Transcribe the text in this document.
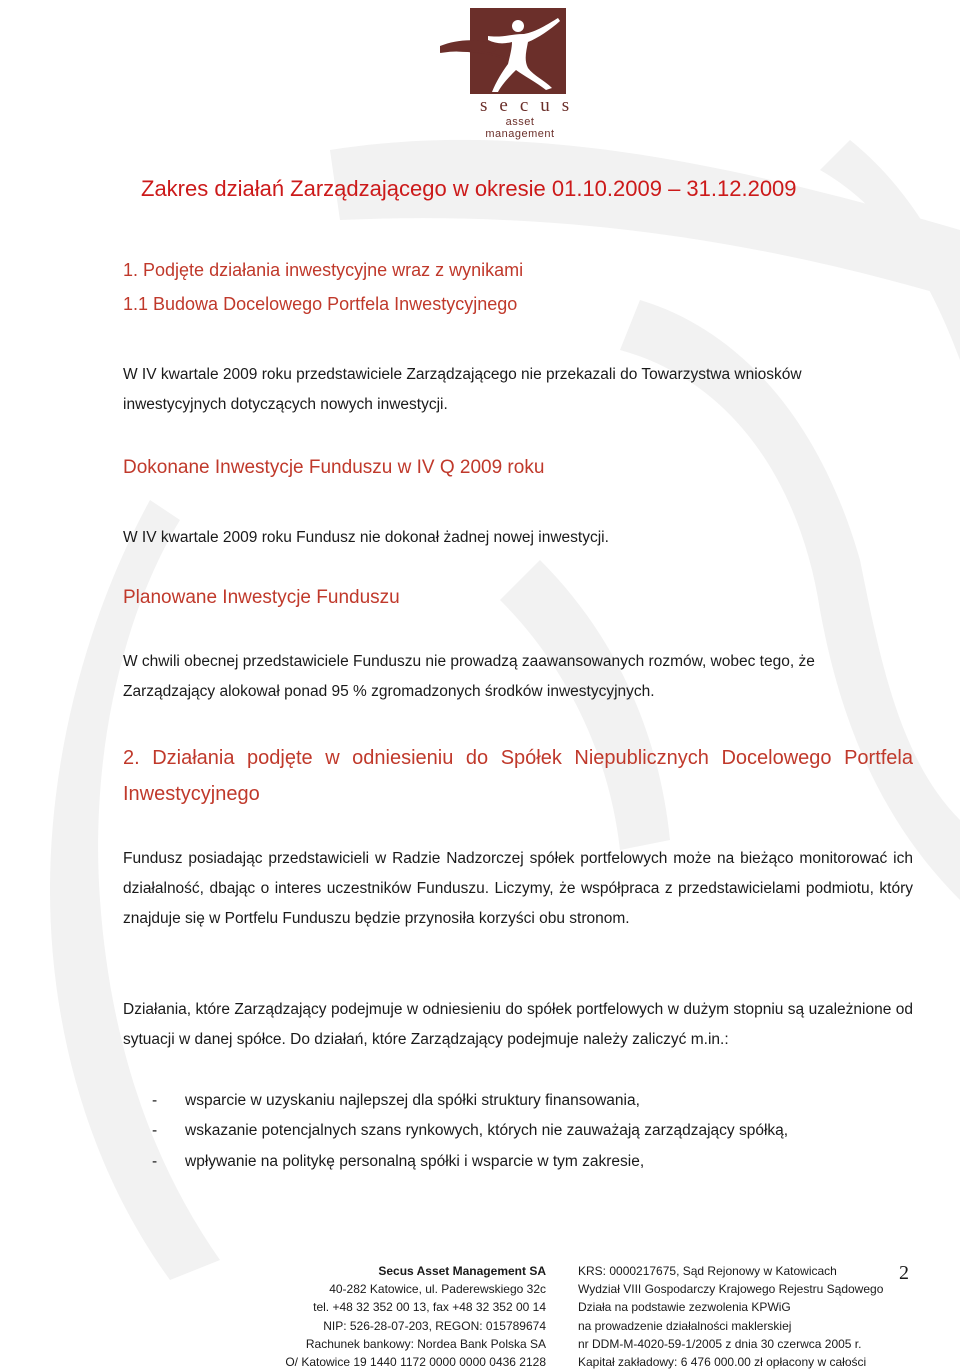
secus
asset management
Zakres działań Zarządzającego w okresie 01.10.2009 – 31.12.2009
1. Podjęte działania inwestycyjne wraz z wynikami
1.1 Budowa Docelowego Portfela Inwestycyjnego
W IV kwartale 2009 roku przedstawiciele Zarządzającego nie przekazali do Towarzystwa wniosków
inwestycyjnych dotyczących nowych inwestycji.
Dokonane Inwestycje Funduszu w IV Q 2009 roku
W IV kwartale 2009 roku Fundusz nie dokonał żadnej nowej inwestycji.
Planowane Inwestycje Funduszu
W chwili obecnej przedstawiciele Funduszu nie prowadzą zaawansowanych rozmów, wobec tego, że
Zarządzający alokował ponad 95 % zgromadzonych środków inwestycyjnych.
2. Działania podjęte w odniesieniu do Spółek Niepublicznych Docelowego Portfela Inwestycyjnego
Fundusz posiadając przedstawicieli w Radzie Nadzorczej spółek portfelowych może na bieżąco monitorować ich działalność, dbając o interes uczestników Funduszu. Liczymy, że współpraca z przedstawicielami podmiotu, który znajduje się w Portfelu Funduszu będzie przynosiła korzyści obu stronom.
Działania, które Zarządzający podejmuje w odniesieniu do spółek portfelowych w dużym stopniu są uzależnione od sytuacji w danej spółce. Do działań, które Zarządzający podejmuje należy zaliczyć m.in.:
- wsparcie w uzyskaniu najlepszej dla spółki struktury finansowania,
- wskazanie potencjalnych szans rynkowych, których nie zauważają zarządzający spółką,
- wpływanie na politykę personalną spółki i wsparcie w tym zakresie,
Secus Asset Management SA
40-282 Katowice, ul. Paderewskiego 32c
tel. +48 32 352 00 13, fax +48 32 352 00 14
NIP: 526-28-07-203, REGON: 015789674
Rachunek bankowy: Nordea Bank Polska SA
O/ Katowice 19 1440 1172 0000 0000 0436 2128
KRS: 0000217675, Sąd Rejonowy w Katowicach
Wydział VIII Gospodarczy Krajowego Rejestru Sądowego
Działa na podstawie zezwolenia KPWiG
na prowadzenie działalności maklerskiej
nr DDM-M-4020-59-1/2005 z dnia 30 czerwca 2005 r.
Kapitał zakładowy: 6 476 000.00 zł opłacony w całości
2
